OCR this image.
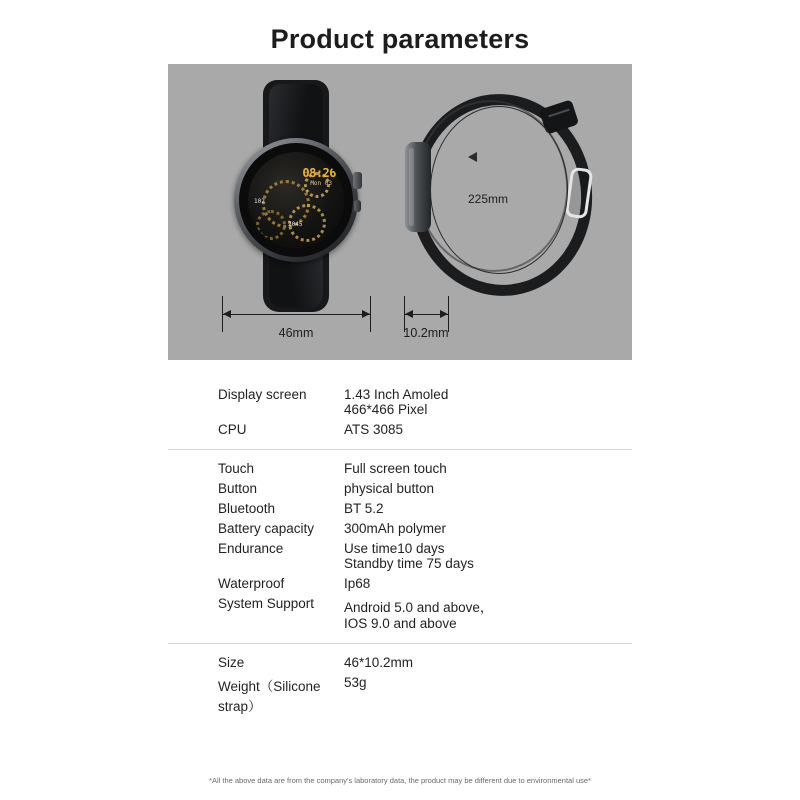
Product parameters
08:26
Mon 03
102
2045
46mm
225mm
10.2mm
Display screen	1.43 Inch Amoled
466*466 Pixel
CPU	ATS 3085
Touch	Full screen touch
Button	physical button
Bluetooth	BT 5.2
Battery capacity	300mAh polymer
Endurance	Use time10 days
Standby time 75 days
Waterproof	Ip68
System Support	Android 5.0 and above，
IOS 9.0 and above
Size	46*10.2mm
Weight（Silicone strap）
53g
*All the above data are from the company's laboratory data, the product may be different due to environmental use*
